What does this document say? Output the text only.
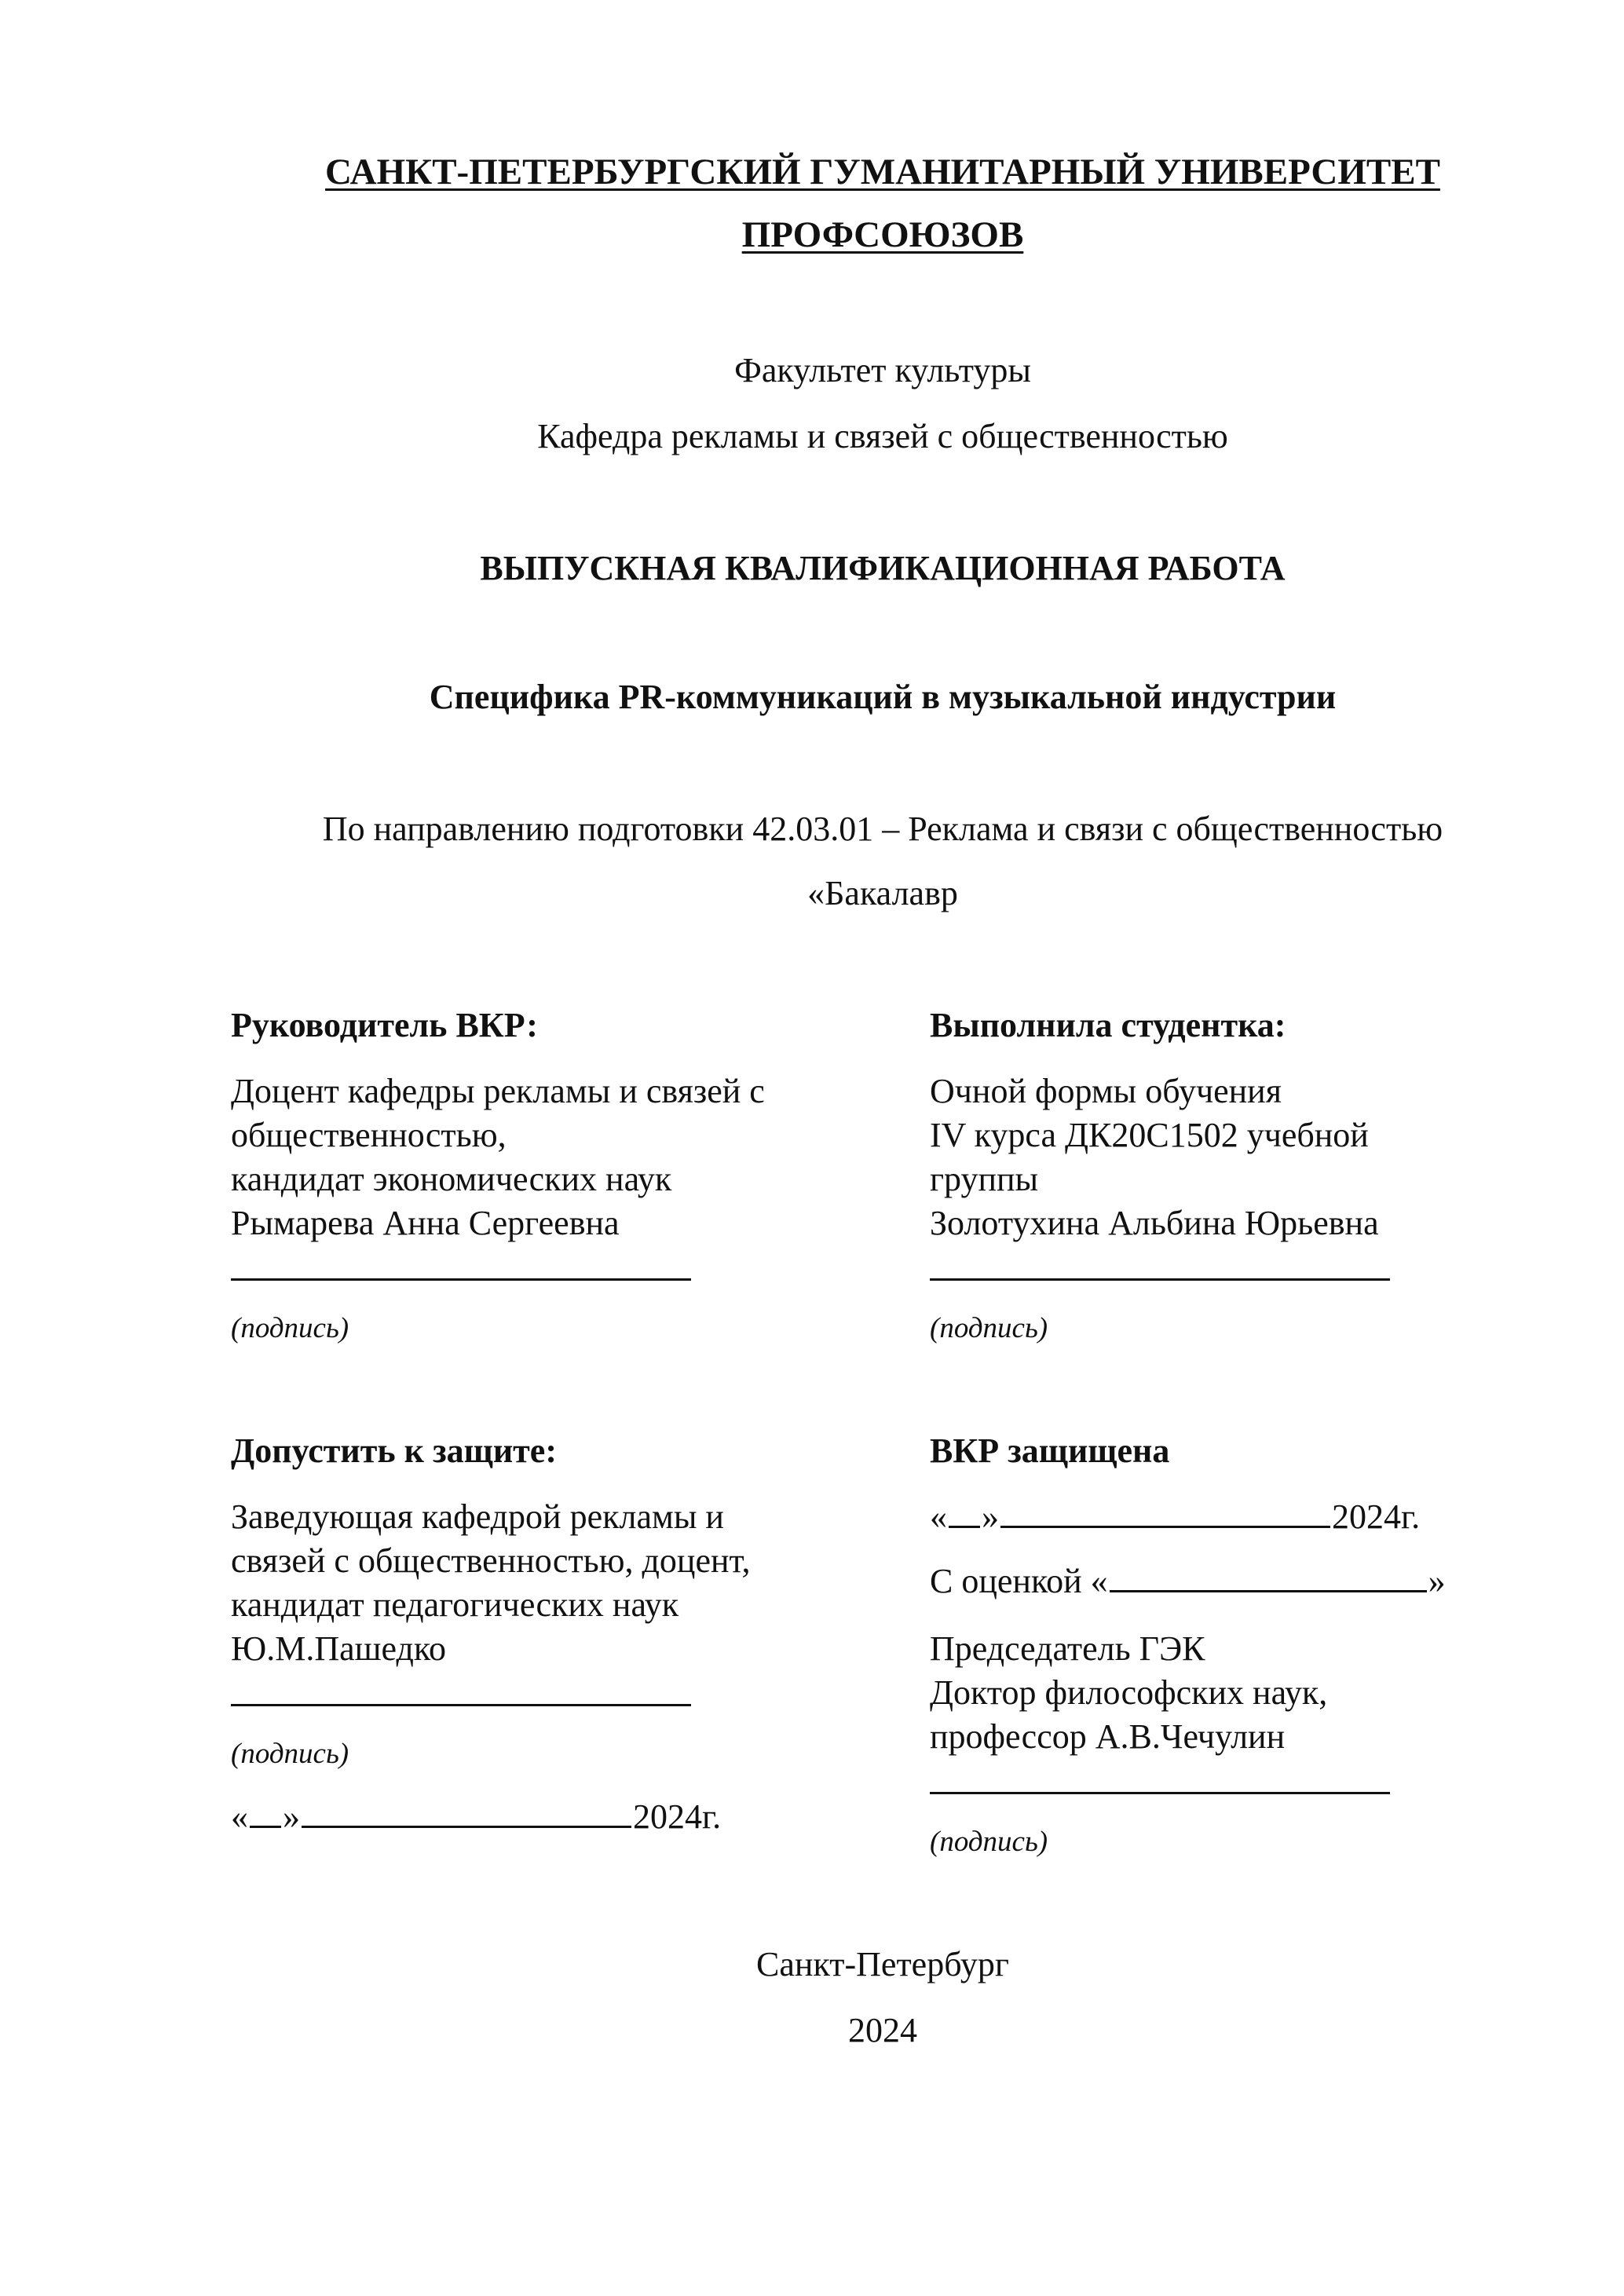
САНКТ-ПЕТЕРБУРГСКИЙ ГУМАНИТАРНЫЙ УНИВЕРСИТЕТ
ПРОФСОЮЗОВ
Факультет культуры
Кафедра рекламы и связей с общественностью
ВЫПУСКНАЯ КВАЛИФИКАЦИОННАЯ РАБОТА
Специфика PR-коммуникаций в музыкальной индустрии
По направлению подготовки 42.03.01 – Реклама и связи с общественностью
«Бакалавр
Руководитель ВКР:
Доцент кафедры рекламы и связей с
общественностью,
кандидат экономических наук
Рымарева Анна Сергеевна
(подпись)
Выполнила студентка:
Очной формы обучения
IV курса ДК20С1502 учебной
группы
Золотухина Альбина Юрьевна
(подпись)
Допустить к защите:
Заведующая кафедрой рекламы и
связей с общественностью, доцент,
кандидат педагогических наук
Ю.М.Пашедко
(подпись)
« »	2024г.
ВКР защищена
« »	2024г.
С оценкой «	»
Председатель ГЭК
Доктор философских наук,
профессор А.В.Чечулин
(подпись)
Санкт-Петербург
2024
